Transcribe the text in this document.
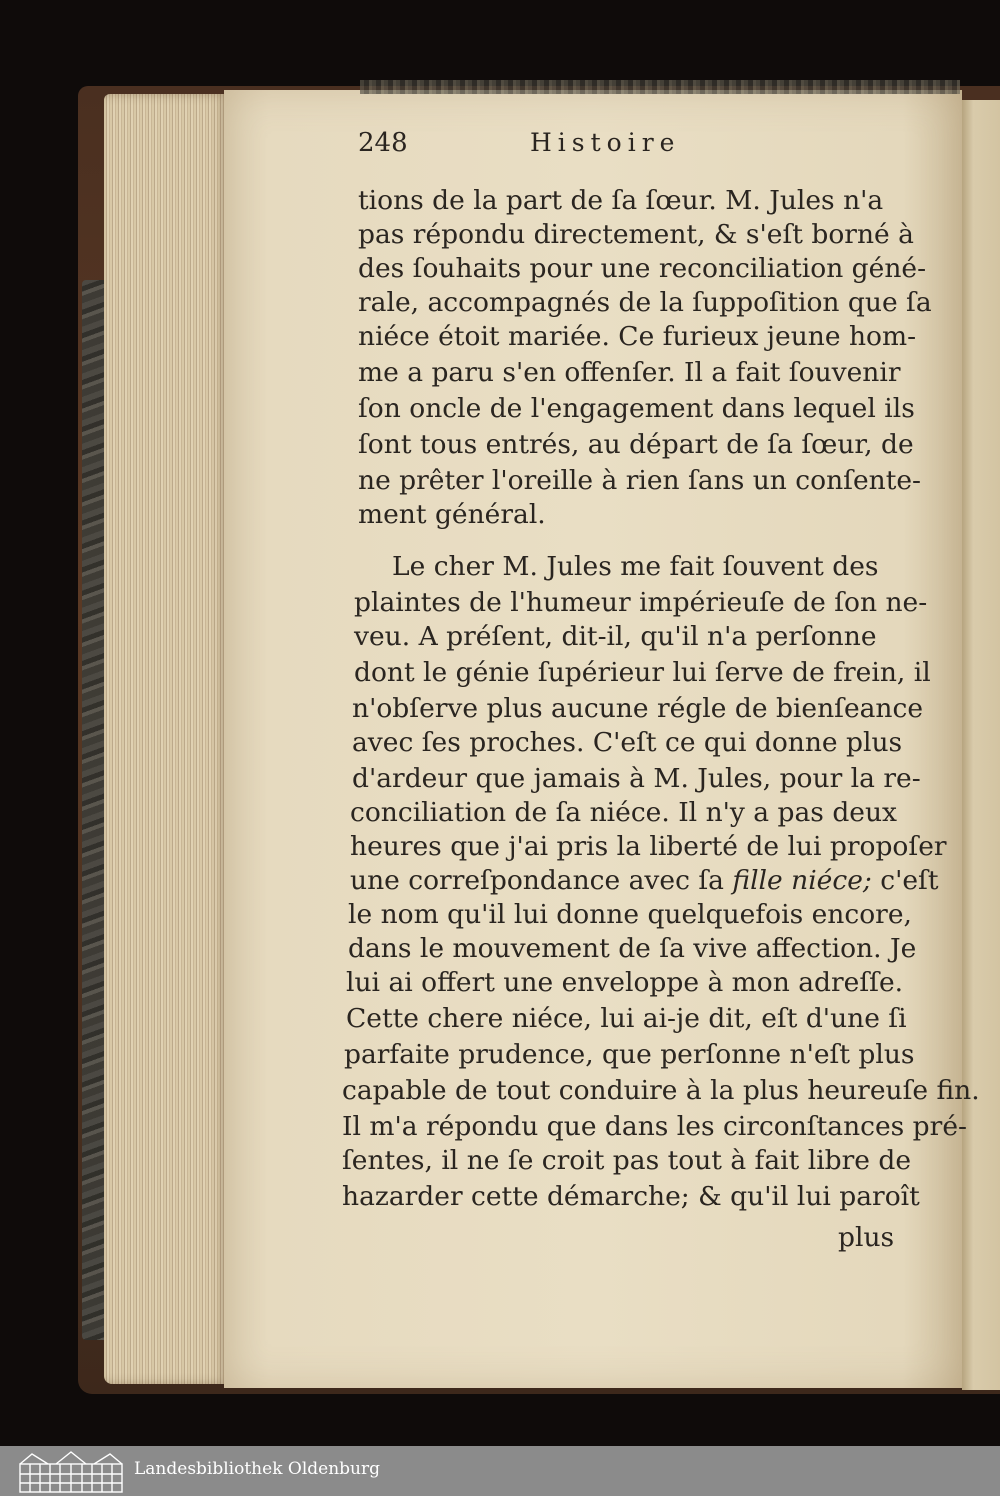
248	Histoire
tions de la part de ſa ſœur. M. Jules n'a
pas répondu directement, & s'eſt borné à
des ſouhaits pour une reconciliation géné-
rale, accompagnés de la ſuppoſition que ſa
niéce étoit mariée. Ce furieux jeune hom-
me a paru s'en offenſer. Il a fait ſouvenir
ſon oncle de l'engagement dans lequel ils
ſont tous entrés, au départ de ſa ſœur, de
ne prêter l'oreille à rien ſans un conſente-
ment général.
Le cher M. Jules me fait ſouvent des
plaintes de l'humeur impérieuſe de ſon ne-
veu. A préſent, dit-il, qu'il n'a perſonne
dont le génie ſupérieur lui ſerve de frein, il
n'obſerve plus aucune régle de bienſeance
avec ſes proches. C'eſt ce qui donne plus
d'ardeur que jamais à M. Jules, pour la re-
conciliation de ſa niéce. Il n'y a pas deux
heures que j'ai pris la liberté de lui propoſer
une correſpondance avec ſa fille niéce; c'eſt
le nom qu'il lui donne quelquefois encore,
dans le mouvement de ſa vive affection. Je
lui ai offert une enveloppe à mon adreſſe.
Cette chere niéce, lui ai-je dit, eſt d'une ſi
parfaite prudence, que perſonne n'eſt plus
capable de tout conduire à la plus heureuſe fin.
Il m'a répondu que dans les circonſtances pré-
ſentes, il ne ſe croit pas tout à fait libre de
hazarder cette démarche; & qu'il lui paroît
plus
Landesbibliothek Oldenburg
